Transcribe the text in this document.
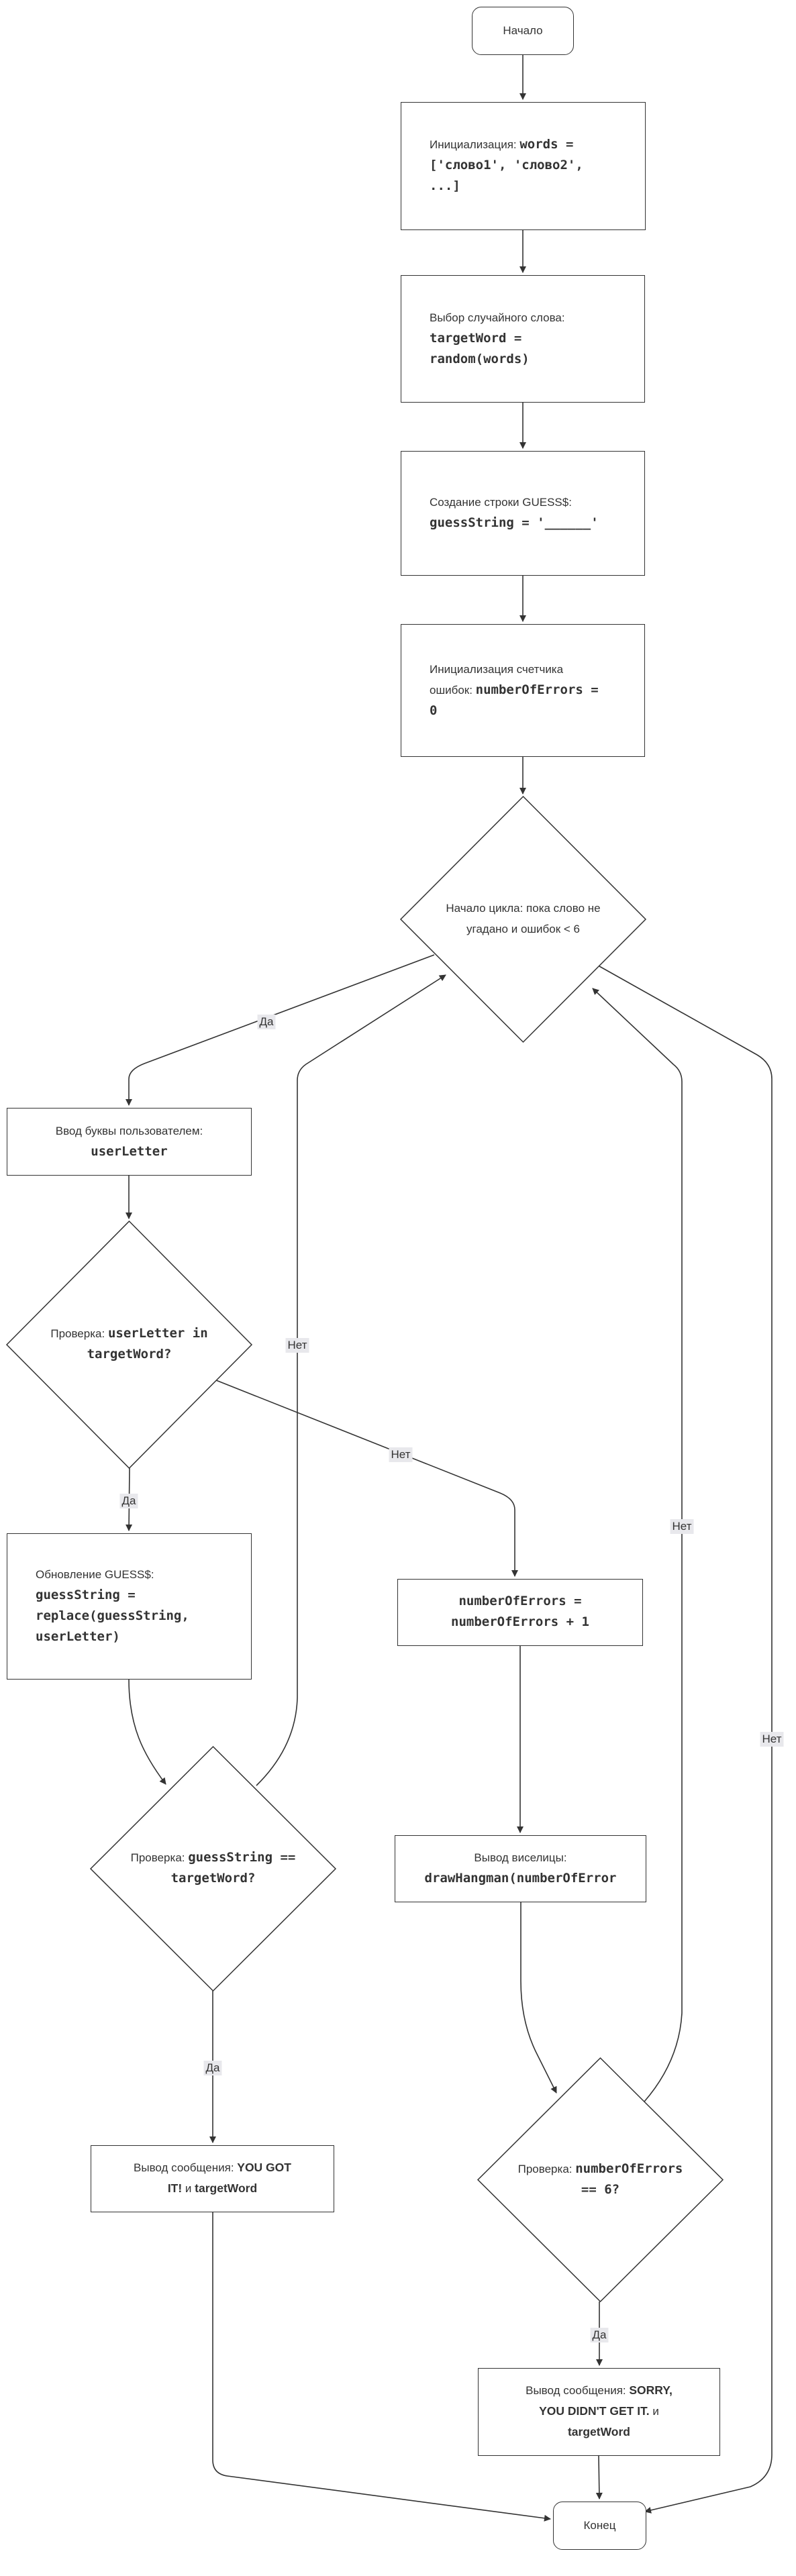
Начало
Инициализация: words =
['слово1', 'слово2',
...]
Выбор случайного слова:
targetWord =
random(words)
Создание строки GUESS$:
guessString = '______'
Инициализация счетчика
ошибок: numberOfErrors =
0
Ввод буквы пользователем:
userLetter
Обновление GUESS$:
guessString =
replace(guessString,
userLetter)
numberOfErrors =
numberOfErrors + 1
Вывод виселицы:
drawHangman(numberOfError
Вывод сообщения: YOU GOT
IT! и targetWord
Вывод сообщения: SORRY,
YOU DIDN'T GET IT. и
targetWord
Конец
Да
Да
Нет
Да
Нет
Да
Нет
Нет
Начало цикла: пока слово не
угадано и ошибок < 6
Проверка: userLetter in
targetWord?
Проверка: guessString ==
targetWord?
Проверка: numberOfErrors
== 6?
